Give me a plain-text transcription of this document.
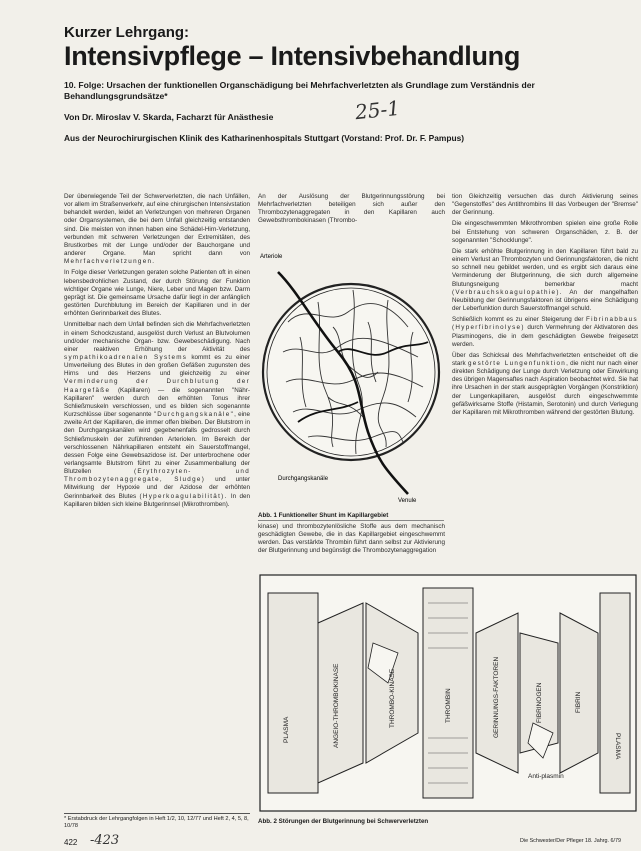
Kurzer Lehrgang:
Intensivpflege – Intensivbehandlung
10. Folge: Ursachen der funktionellen Organschädigung bei Mehrfachverletzten als Grundlage zum Verständnis der Behandlungsgrundsätze*	25-1
Von Dr. Miroslav V. Skarda, Facharzt für Anästhesie
Aus der Neurochirurgischen Klinik des Katharinenhospitals Stuttgart (Vorstand: Prof. Dr. F. Pampus)

Der überwiegende Teil der Schwerverletzten, die nach Unfällen, vor allem im Straßenverkehr, auf eine chirurgischen Intensivstation behandelt werden, leidet an Verletzungen von mehreren Organen oder Organsystemen, die bei dem Unfall gleichzeitig entstanden sind. Die meisten von ihnen haben eine Schädel-Hirn-Verletzung, verbunden mit schweren Verletzungen der Extremitäten, des Brustkorbes mit der Lunge und/oder der Bauchorgane und anderer Organe. Man spricht dann von Mehrfachverletzungen.

In Folge dieser Verletzungen geraten solche Patienten oft in einen lebensbedrohlichen Zustand, der durch Störung der Funktion wichtiger Organe wie Lunge, Niere, Leber und Magen bzw. Darm geprägt ist. Die gemeinsame Ursache dafür liegt in der anfänglich gestörten Durchblutung im Bereich der Kapillaren und in der erhöhten Gerinnbarkeit des Blutes.

Unmittelbar nach dem Unfall befinden sich die Mehrfachverletzten in einem Schockzustand, ausgelöst durch Verlust an Blutvolumen und/oder mechanische Organ- bzw. Gewebeschädigung. Nach einer reaktiven Erhöhung der Aktivität des sympathikoadrenalen Systems kommt es zu einer Umverteilung des Blutes in den großen Gefäßen zugunsten des Hirns und des Herzens und gleichzeitig zu einer Verminderung der Durchblutung der Haargefäße (Kapillaren) — die sogenannten "Nähr-Kapillaren" werden durch den erhöhten Tonus ihrer Schließmuskeln verschlossen, und es bilden sich sogenannte Kurzschlüsse über sogenannte "Durchgangskanäle", eine zweite Art der Kapillaren, die immer offen bleiben. Der Blutstrom in den Durchgangskanälen wird gegebenenfalls gedrosselt durch Schließmuskeln der zuführenden Arteriolen. Im Bereich der verschlossenen Nährkapillaren entsteht ein Sauerstoffmangel, dessen Folge eine Gewebsazidose ist. Der unterbrochene oder verlangsamte Blutstrom führt zu einer Zusammenballung der Blutzellen	(Erythrozyten- und Thrombozytenaggregate, Sludge) und unter Mitwirkung der Hypoxie und der Azidose der erhöhten Gerinnbarkeit des Blutes (Hyperkoagulabilität). In den Kapillaren bilden sich kleine Blutgerinnsel (Mikrothromben).

* Erstabdruck der Lehrgangfolgen in Heft 1/2, 10, 12/77 und Heft 2, 4, 5, 8, 10/78

An der Auslösung der Blutgerinnungsstörung bei Mehrfachverletzten beteiligen sich außer den Thrombozytenaggregaten in den Kapillaren auch Gewebsthrombokinasen (Thrombo-

Arteriole
Venule
Durchgangskanäle
Abb. 1 Funktioneller Shunt im Kapillargebiet

kinase) und thrombozytenlösliche Stoffe aus dem mechanisch geschädigten Gewebe, die in das Kapillargebiet eingeschwemmt werden. Das verstärkte Thrombin führt dann selbst zur Aktivierung der Blutgerinnung und begünstigt die Thrombozytenaggregation

tion Gleichzeitig versuchen das durch Aktivierung seines "Gegenstoffes" des Antithrombins III das Vorbeugen der "Bremse" der Gerinnung.

Die eingeschwemmten Mikrothromben spielen eine große Rolle bei Entstehung von schweren Organschäden, z. B. der sogenannten "Schocklunge".

Die stark erhöhte Blutgerinnung in den Kapillaren führt bald zu einem Verlust an Thrombozyten und Gerinnungsfaktoren, die nicht so schnell neu gebildet werden, und es ergibt sich daraus eine Verminderung der Blutgerinnung, die sich durch allgemeine Blutungsneigung bemerkbar macht (Verbrauchskoagulopathie). An der mangelhaften Neubildung der Gerinnungsfaktoren ist übrigens eine Schädigung der Leberfunktion durch Sauerstoffmangel schuld.

Schließlich kommt es zu einer Steigerung der Fibrinabbaus (Hyperfibrinolyse) durch Vermehrung der Aktivatoren des Plasminogens, die in dem geschädigten Gewebe freigesetzt werden.

Über das Schicksal des Mehrfachverletzten entscheidet oft die stark gestörte Lungenfunktion, die nicht nur nach einer direkten Schädigung der Lunge durch Verletzung oder Einwirkung des übrigen Magensaftes nach Aspiration beobachtet wird. Sie hat ihre Ursachen in der stark ausgeprägten Vorgängen (Konstriktion) der Lungenkapillaren, ausgelöst durch eingeschwemmte gefäßwirksame Stoffe (Histamin, Serotonin) und durch Verlegung der Kapillaren mit Mikrothromben während der gestörten Blutung.

PLASMA	ANGEIO-THROMBOKINASE	THROMBO-KINASE	THROMBIN	GERINNUNGS-FAKTOREN	FIBRINOGEN	FIBRIN
PLASMA
Anti-plasmin
Abb. 2 Störungen der Blutgerinnung bei Schwerverletzten
422 -423	Die Schwester/Der Pfleger 18. Jahrg. 6/79
